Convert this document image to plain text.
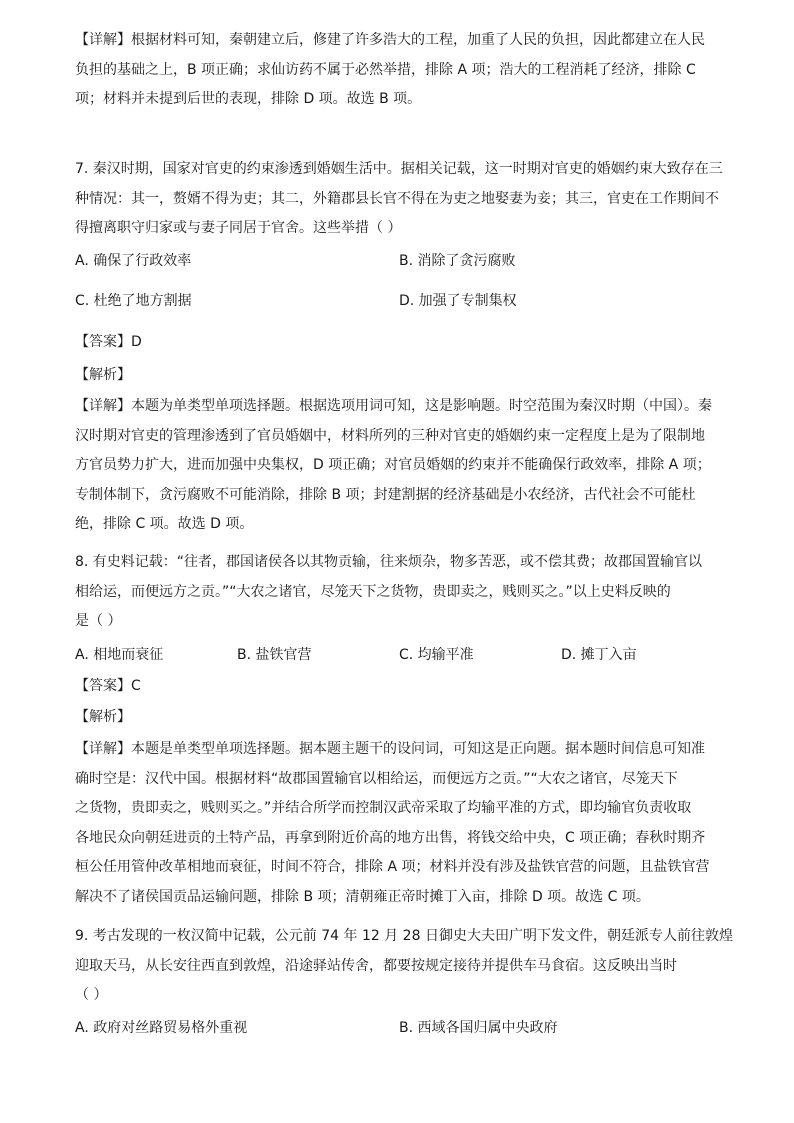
【详解】根据材料可知，秦朝建立后，修建了许多浩大的工程，加重了人民的负担，因此都建立在人民
负担的基础之上，B 项正确；求仙访药不属于必然举措，排除 A 项；浩大的工程消耗了经济，排除 C
项；材料并未提到后世的表现，排除 D 项。故选 B 项。
7. 秦汉时期，国家对官吏的约束渗透到婚姻生活中。据相关记载，这一时期对官吏的婚姻约束大致存在三
种情况：其一，赘婿不得为吏；其二，外籍郡县长官不得在为吏之地娶妻为妾；其三，官吏在工作期间不
得擅离职守归家或与妻子同居于官舍。这些举措（ ）
A. 确保了行政效率	B. 消除了贪污腐败
C. 杜绝了地方割据	D. 加强了专制集权
【答案】D
【解析】
【详解】本题为单类型单项选择题。根据选项用词可知，这是影响题。时空范围为秦汉时期（中国）。秦
汉时期对官吏的管理渗透到了官员婚姻中，材料所列的三种对官吏的婚姻约束一定程度上是为了限制地
方官员势力扩大，进而加强中央集权，D 项正确；对官员婚姻的约束并不能确保行政效率，排除 A 项；
专制体制下，贪污腐败不可能消除，排除 B 项；封建割据的经济基础是小农经济，古代社会不可能杜
绝，排除 C 项。故选 D 项。
8. 有史料记载：“往者，郡国诸侯各以其物贡输，往来烦杂，物多苦恶，或不偿其费；故郡国置输官以
相给运，而便远方之贡。”“大农之诸官，尽笼天下之货物，贵即卖之，贱则买之。”以上史料反映的
是（ ）
A. 相地而衰征	B. 盐铁官营	C. 均输平准	D. 摊丁入亩
【答案】C
【解析】
【详解】本题是单类型单项选择题。据本题主题干的设问词，可知这是正向题。据本题时间信息可知准
确时空是：汉代中国。根据材料“故郡国置输官以相给运，而便远方之贡。”“大农之诸官，尽笼天下
之货物，贵即卖之，贱则买之。”并结合所学而控制汉武帝采取了均输平准的方式，即均输官负责收取
各地民众向朝廷进贡的土特产品，再拿到附近价高的地方出售，将钱交给中央，C 项正确；春秋时期齐
桓公任用管仲改革相地而衰征，时间不符合，排除 A 项；材料并没有涉及盐铁官营的问题，且盐铁官营
解决不了诸侯国贡品运输问题，排除 B 项；清朝雍正帝时摊丁入亩，排除 D 项。故选 C 项。
9. 考古发现的一枚汉简中记载，公元前 74 年 12 月 28 日御史大夫田广明下发文件，朝廷派专人前往敦煌
迎取天马，从长安往西直到敦煌，沿途驿站传舍，都要按规定接待并提供车马食宿。这反映出当时
（ ）
A. 政府对丝路贸易格外重视	B. 西域各国归属中央政府
